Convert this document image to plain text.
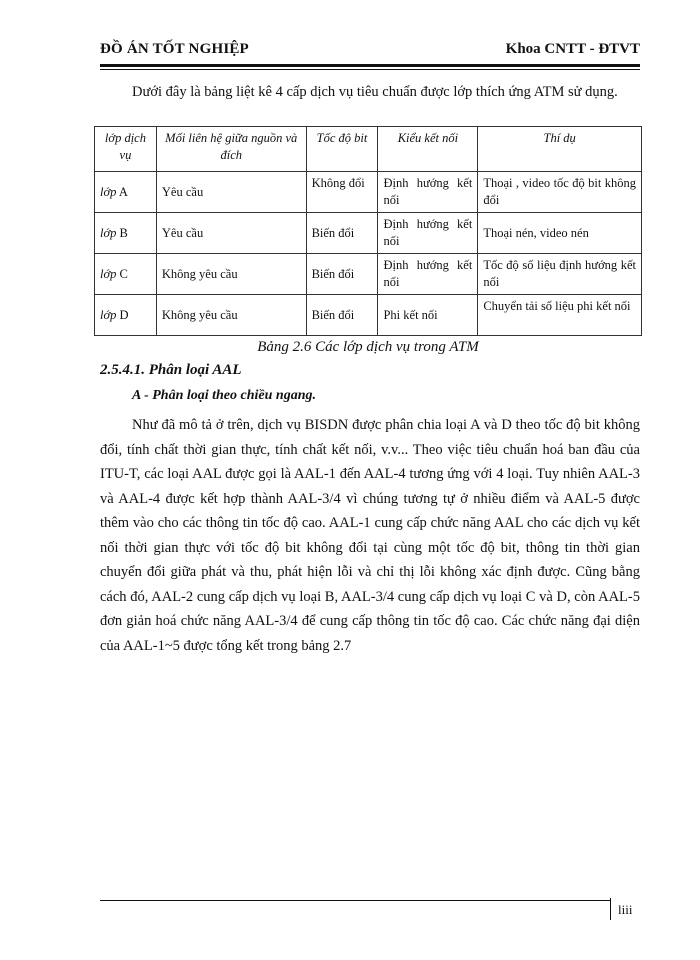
ĐỒ ÁN TỐT NGHIỆP	Khoa CNTT - ĐTVT
Dưới đây là bảng liệt kê 4 cấp dịch vụ tiêu chuẩn được lớp thích ứng ATM sử dụng.
lớp dịch vụ	Mối liên hệ giữa nguồn và đích	Tốc độ bit	Kiểu kết nối	Thí dụ
lớp A	Yêu cầu	Không đổi	Định hướng kết nối	Thoại , video tốc độ bit không đổi
lớp B	Yêu cầu	Biến đổi	Định hướng kết nối	Thoại nén, video nén
lớp C	Không yêu cầu	Biến đổi	Định hướng kết nối	Tốc độ số liệu định hướng kết nối
lớp D	Không yêu cầu	Biến đổi	Phi kết nối	Chuyển tải số liệu phi kết nối
Bảng 2.6 Các lớp dịch vụ trong ATM
2.5.4.1. Phân loại AAL
A - Phân loại theo chiều ngang.
Như đã mô tả ở trên, dịch vụ BISDN được phân chia loại A và D theo tốc độ bit không đổi, tính chất thời gian thực, tính chất kết nối, v.v... Theo việc tiêu chuẩn hoá ban đầu của ITU-T, các loại AAL được gọi là AAL-1 đến AAL-4 tương ứng với 4 loại. Tuy nhiên AAL-3 và AAL-4 được kết hợp thành AAL-3/4 vì chúng tương tự ở nhiều điểm và AAL-5 được thêm vào cho các thông tin tốc độ cao. AAL-1 cung cấp chức năng AAL cho các dịch vụ kết nối thời gian thực với tốc độ bit không đổi tại cùng một tốc độ bit, thông tin thời gian chuyển đổi giữa phát và thu, phát hiện lỗi và chỉ thị lỗi không xác định được. Cũng bằng cách đó, AAL-2 cung cấp dịch vụ loại B, AAL-3/4 cung cấp dịch vụ loại C và D, còn AAL-5 đơn giản hoá chức năng AAL-3/4 để cung cấp thông tin tốc độ cao. Các chức năng đại diện của AAL-1~5 được tổng kết trong bảng 2.7
liii
